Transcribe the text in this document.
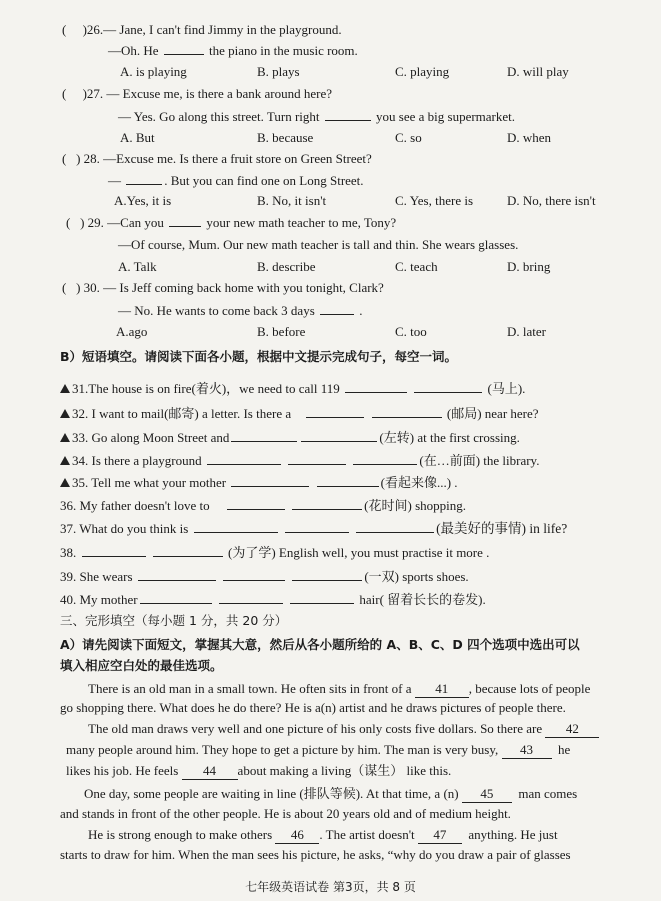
(     )26.— Jane, I can't find Jimmy in the playground.
—Oh. He	the piano in the music room.
A. is playing	B. plays	C. playing	D. will play
(     )27. — Excuse me, is there a bank around here?
— Yes. Go along this street. Turn right	you see a big supermarket.
A. But	B. because	C. so	D. when
(   ) 28. —Excuse me. Is there a fruit store on Green Street?
—	. But you can find one on Long Street.
A.Yes, it is	B. No, it isn't	C. Yes, there is	D. No, there isn't
(   ) 29. —Can you	your new math teacher to me, Tony?
—Of course, Mum. Our new math teacher is tall and thin. She wears glasses.
A. Talk	B. describe	C. teach	D. bring
(   ) 30. — Is Jeff coming back home with you tonight, Clark?
— No. He wants to come back 3 days	.
A.ago	B. before	C. too	D. later
B）短语填空。请阅读下面各小题，根据中文提示完成句子，每空一词。
31.The house is on fire(着火)，we need to call 119	(马上).
32. I want to mail(邮寄) a letter. Is there a	(邮局) near here?
33. Go along Moon Street and	(左转) at the first crossing.
34. Is there a playground	(在…前面) the library.
35. Tell me what your mother	(看起来像...) .
36. My father doesn't love to	(花时间) shopping.
37. What do you think is	(最美好的事情) in life?
38.	(为了学) English well, you must practise it more .
39. She wears	(一双) sports shoes.
40. My mother	hair( 留着长长的卷发).
三、完形填空（每小题 1 分，共 20 分）
A）请先阅读下面短文，掌握其大意，然后从各小题所给的 A、B、C、D 四个选项中选出可以
填入相应空白处的最佳选项。
There is an old man in a small town. He often sits in front of a 41 , because lots of people
go shopping there. What does he do there? He is a(n) artist and he draws pictures of people there.
The old man draws very well and one picture of his only costs five dollars. So there are 42
many people around him. They hope to get a picture by him. The man is very busy, 43 he
likes his job. He feels 44 about making a living（谋生） like this.
One day, some people are waiting in line (排队等候). At that time, a (n) 45 man comes
and stands in front of the other people. He is about 20 years old and of medium height.
He is strong enough to make others 46 . The artist doesn't 47 anything. He just
starts to draw for him. When the man sees his picture, he asks, “why do you draw a pair of glasses
七年级英语试卷 第3页，共 8 页
